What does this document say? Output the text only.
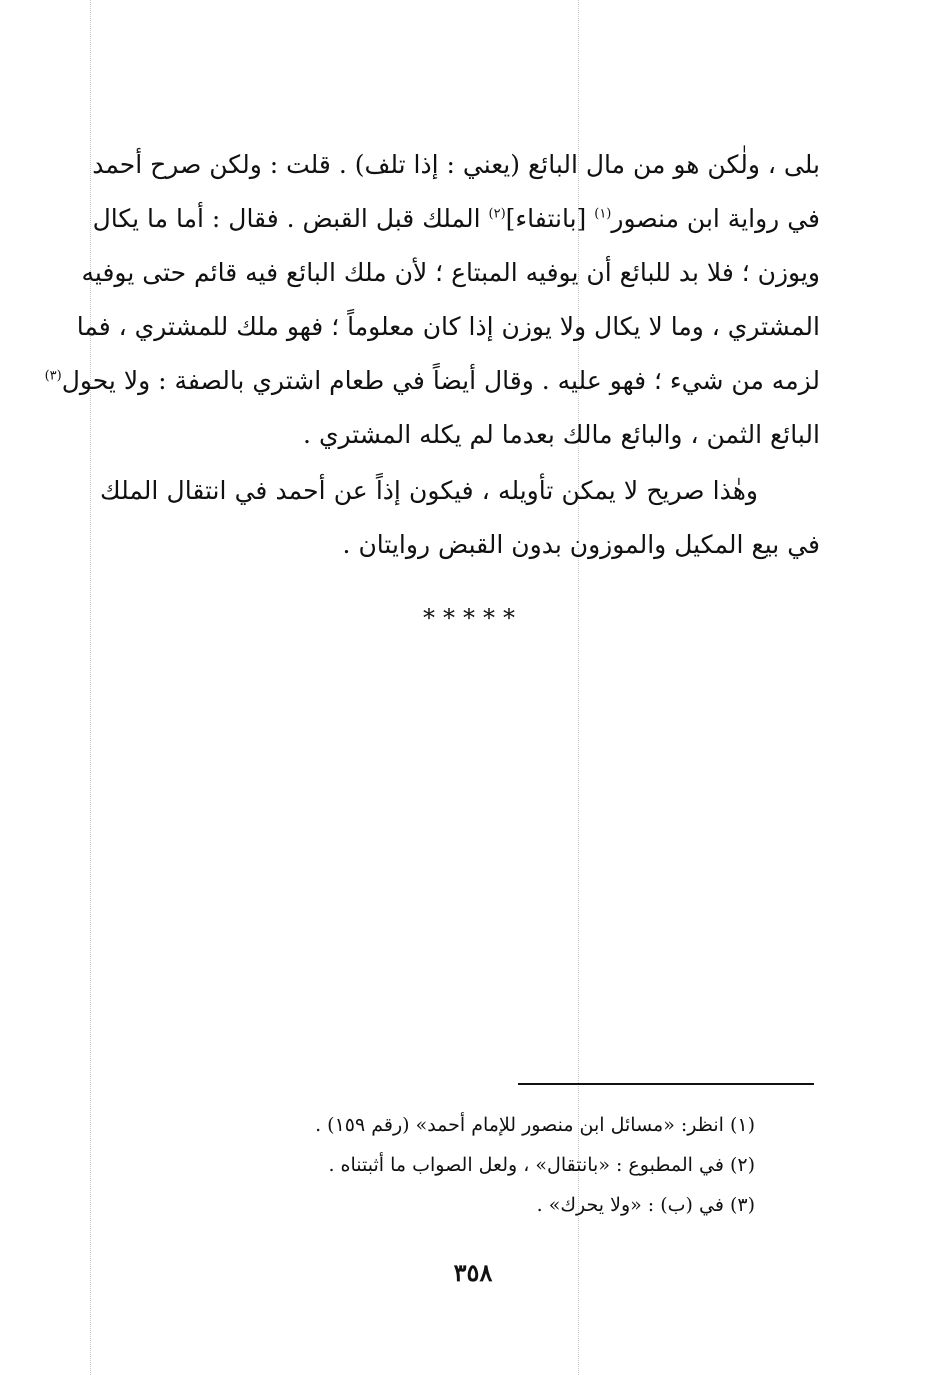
بلى ، ولٰكن هو من مال البائع (يعني : إذا تلف) . قلت : ولكن صرح أحمد
في رواية ابن منصور$^{(١)}$ [بانتفاء]$^{(٢)}$ الملك قبل القبض . فقال : أما ما يكال
ويوزن ؛ فلا بد للبائع أن يوفيه المبتاع ؛ لأن ملك البائع فيه قائم حتى يوفيه
المشتري ، وما لا يكال ولا يوزن إذا كان معلوماً ؛ فهو ملك للمشتري ، فما
لزمه من شيء ؛ فهو عليه . وقال أيضاً في طعام اشتري بالصفة : ولا يحول$^{(٣)}$
البائع الثمن ، والبائع مالك بعدما لم يكله المشتري .
وهٰذا صريح لا يمكن تأويله ، فيكون إذاً عن أحمد في انتقال الملك
في بيع المكيل والموزون بدون القبض روايتان .
*****
(١) انظر: «مسائل ابن منصور للإمام أحمد» (رقم ١٥٩) .
(٢) في المطبوع : «بانتقال» ، ولعل الصواب ما أثبتناه .
(٣) في (ب) : «ولا يحرك» .
٣٥٨
